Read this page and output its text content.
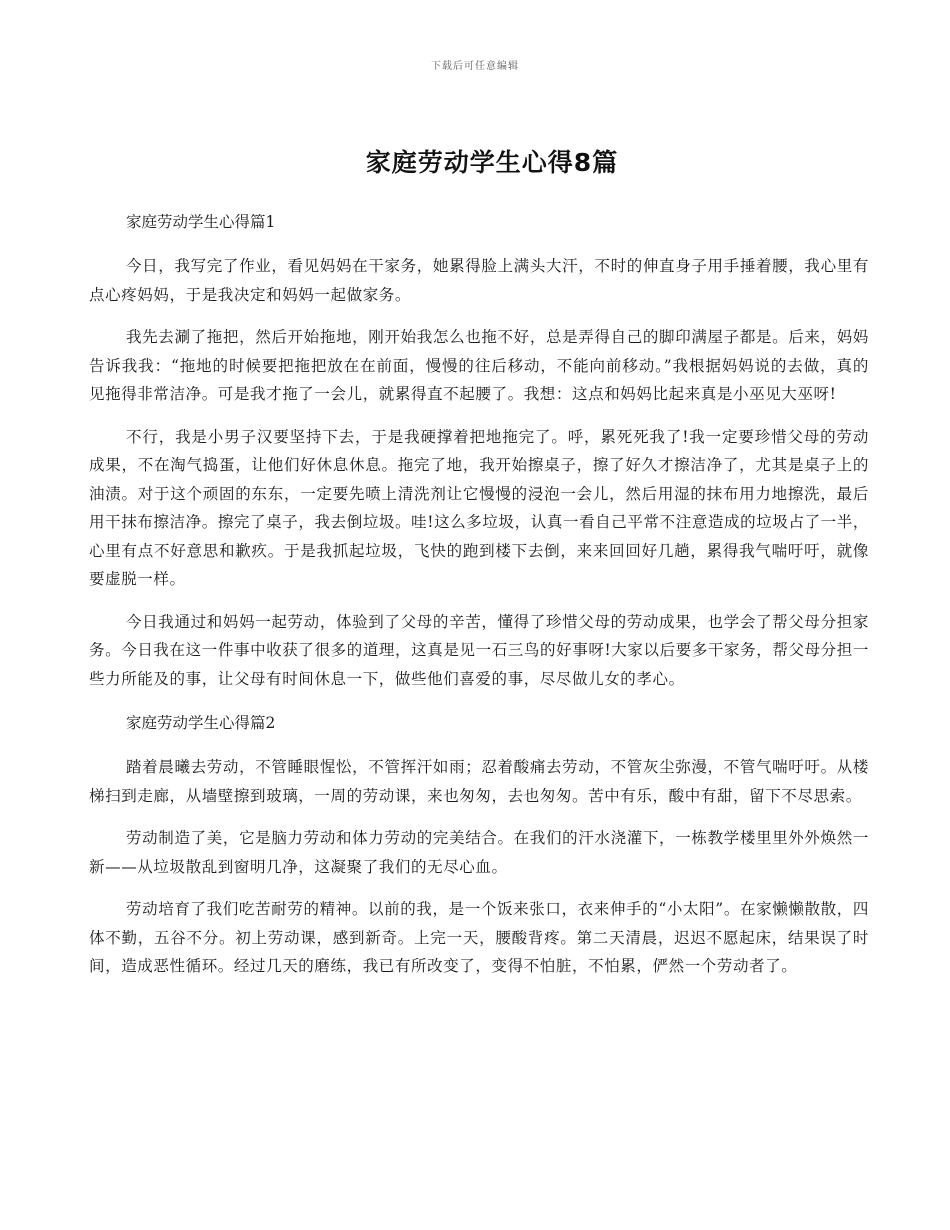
下载后可任意编辑
家庭劳动学生心得8篇
家庭劳动学生心得篇1

今日，我写完了作业，看见妈妈在干家务，她累得脸上满头大汗，不时的伸直身子用手捶着腰，我心里有点心疼妈妈，于是我决定和妈妈一起做家务。

我先去涮了拖把，然后开始拖地，刚开始我怎么也拖不好，总是弄得自己的脚印满屋子都是。后来，妈妈告诉我我：“拖地的时候要把拖把放在在前面，慢慢的往后移动，不能向前移动。”我根据妈妈说的去做，真的见拖得非常洁净。可是我才拖了一会儿，就累得直不起腰了。我想：这点和妈妈比起来真是小巫见大巫呀!

不行，我是小男子汉要坚持下去，于是我硬撑着把地拖完了。呼，累死死我了!我一定要珍惜父母的劳动成果，不在淘气捣蛋，让他们好休息休息。拖完了地，我开始擦桌子，擦了好久才擦洁净了，尤其是桌子上的油渍。对于这个顽固的东东，一定要先喷上清洗剂让它慢慢的浸泡一会儿，然后用湿的抹布用力地擦洗，最后用干抹布擦洁净。擦完了桌子，我去倒垃圾。哇!这么多垃圾，认真一看自己平常不注意造成的垃圾占了一半，心里有点不好意思和歉疚。于是我抓起垃圾，飞快的跑到楼下去倒，来来回回好几趟，累得我气喘吁吁，就像要虚脱一样。

今日我通过和妈妈一起劳动，体验到了父母的辛苦，懂得了珍惜父母的劳动成果，也学会了帮父母分担家务。今日我在这一件事中收获了很多的道理，这真是见一石三鸟的好事呀!大家以后要多干家务，帮父母分担一些力所能及的事，让父母有时间休息一下，做些他们喜爱的事，尽尽做儿女的孝心。

家庭劳动学生心得篇2

踏着晨曦去劳动，不管睡眼惺忪，不管挥汗如雨；忍着酸痛去劳动，不管灰尘弥漫，不管气喘吁吁。从楼梯扫到走廊，从墙壁擦到玻璃，一周的劳动课，来也匆匆，去也匆匆。苦中有乐，酸中有甜，留下不尽思索。

劳动制造了美，它是脑力劳动和体力劳动的完美结合。在我们的汗水浇灌下，一栋教学楼里里外外焕然一新——从垃圾散乱到窗明几净，这凝聚了我们的无尽心血。

劳动培育了我们吃苦耐劳的精神。以前的我，是一个饭来张口，衣来伸手的“小太阳”。在家懒懒散散，四体不勤，五谷不分。初上劳动课，感到新奇。上完一天，腰酸背疼。第二天清晨，迟迟不愿起床，结果误了时间，造成恶性循环。经过几天的磨练，我已有所改变了，变得不怕脏，不怕累，俨然一个劳动者了。
